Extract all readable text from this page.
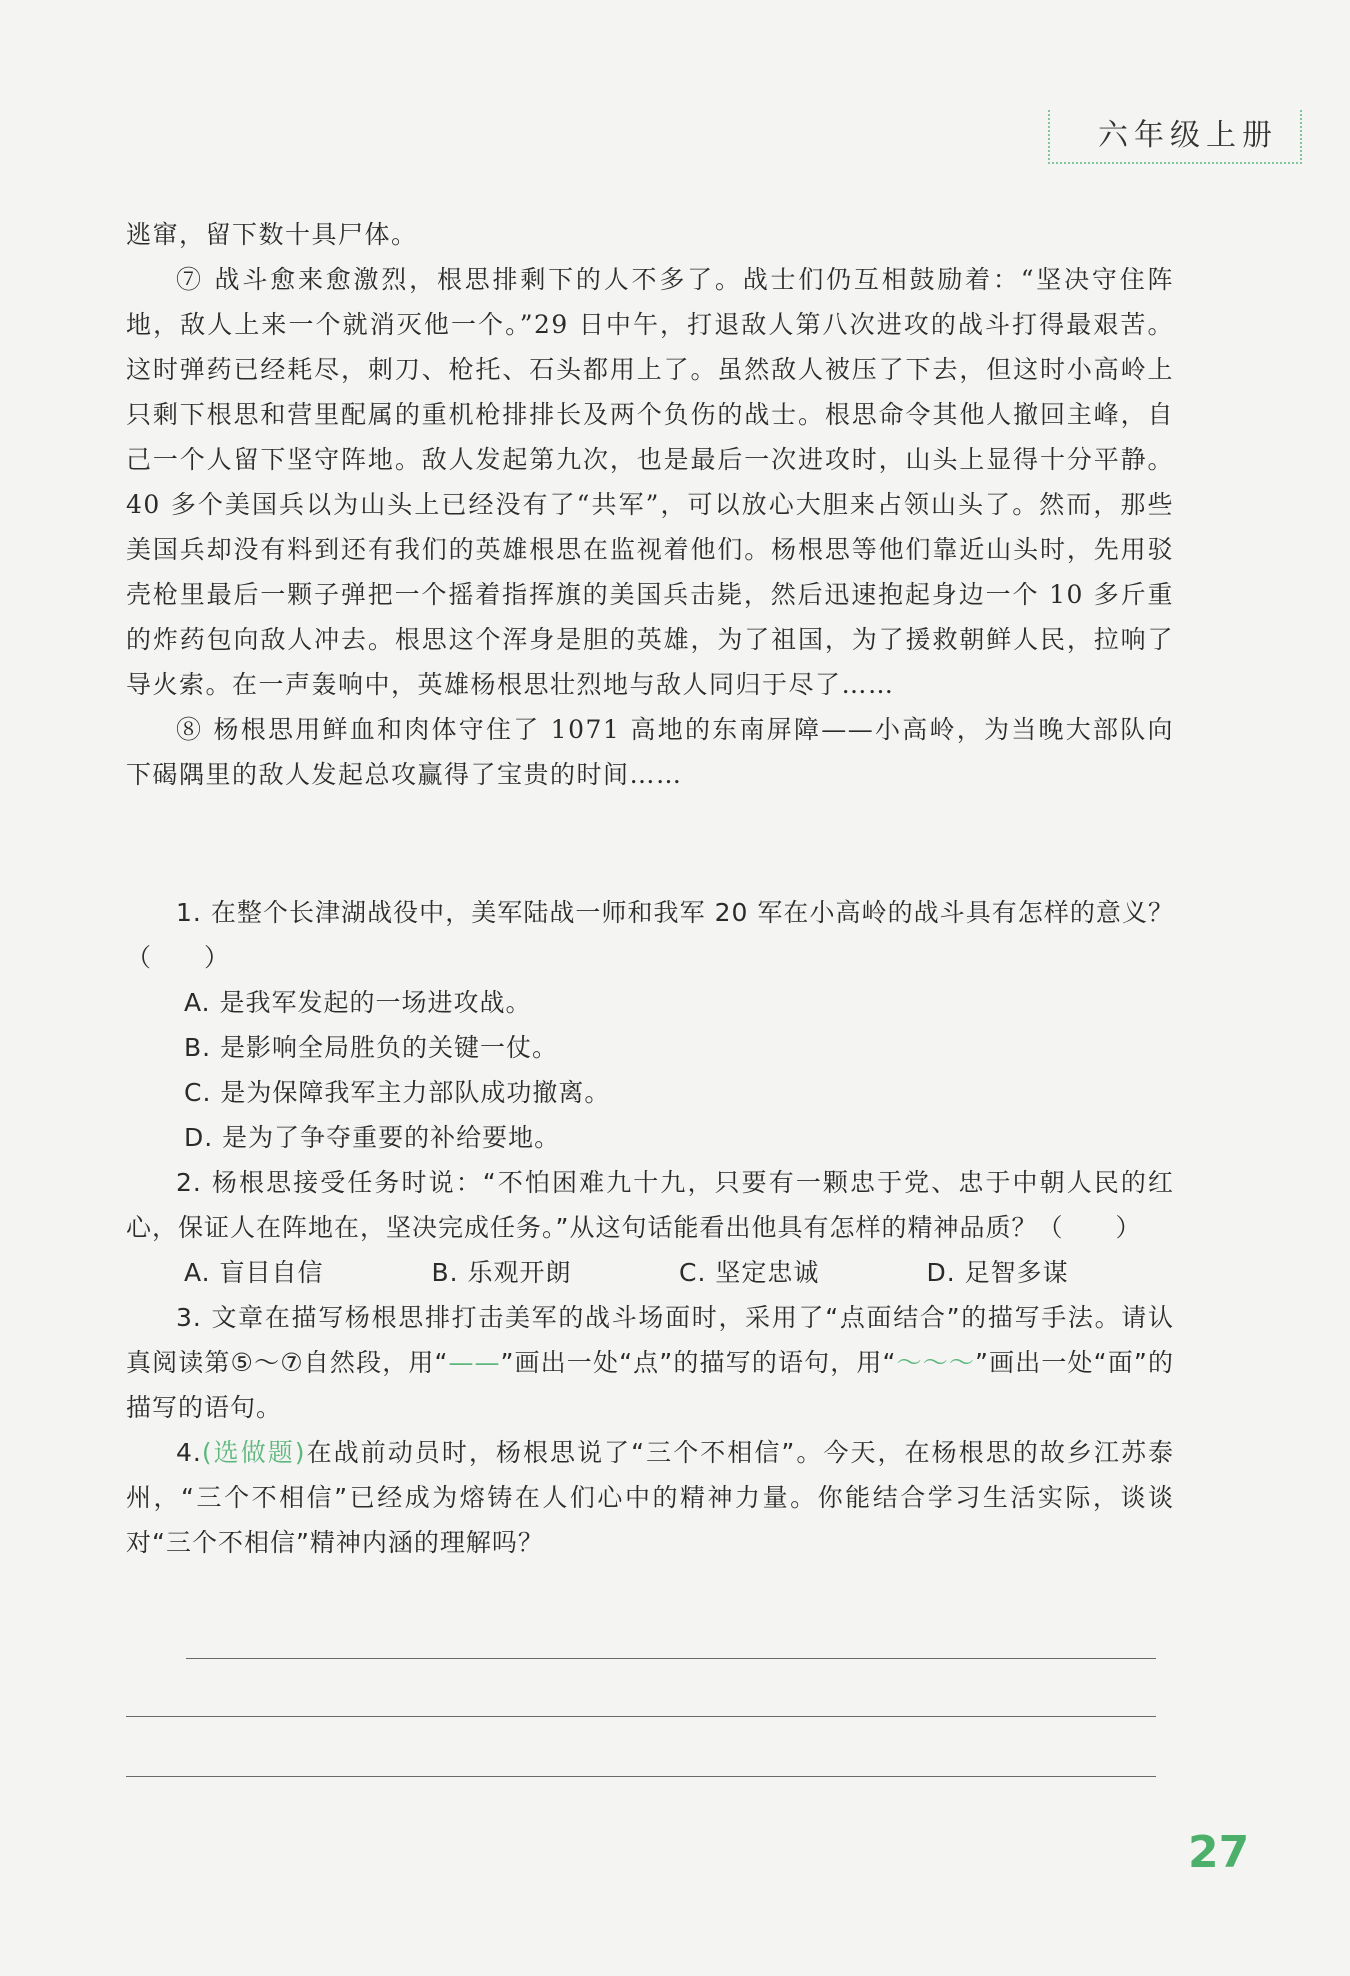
六年级上册

逃窜，留下数十具尸体。

⑦ 战斗愈来愈激烈，根思排剩下的人不多了。战士们仍互相鼓励着：“坚决守住阵地，敌人上来一个就消灭他一个。”29 日中午，打退敌人第八次进攻的战斗打得最艰苦。这时弹药已经耗尽，刺刀、枪托、石头都用上了。虽然敌人被压了下去，但这时小高岭上只剩下根思和营里配属的重机枪排排长及两个负伤的战士。根思命令其他人撤回主峰，自己一个人留下坚守阵地。敌人发起第九次，也是最后一次进攻时，山头上显得十分平静。40 多个美国兵以为山头上已经没有了“共军”，可以放心大胆来占领山头了。然而，那些美国兵却没有料到还有我们的英雄根思在监视着他们。杨根思等他们靠近山头时，先用驳壳枪里最后一颗子弹把一个摇着指挥旗的美国兵击毙，然后迅速抱起身边一个 10 多斤重的炸药包向敌人冲去。根思这个浑身是胆的英雄，为了祖国，为了援救朝鲜人民，拉响了导火索。在一声轰响中，英雄杨根思壮烈地与敌人同归于尽了……

⑧ 杨根思用鲜血和肉体守住了 1071 高地的东南屏障——小高岭，为当晚大部队向下碣隅里的敌人发起总攻赢得了宝贵的时间……

1. 在整个长津湖战役中，美军陆战一师和我军 20 军在小高岭的战斗具有怎样的意义？（　　）

A. 是我军发起的一场进攻战。

B. 是影响全局胜负的关键一仗。

C. 是为保障我军主力部队成功撤离。

D. 是为了争夺重要的补给要地。

2. 杨根思接受任务时说：“不怕困难九十九，只要有一颗忠于党、忠于中朝人民的红心，保证人在阵地在，坚决完成任务。”从这句话能看出他具有怎样的精神品质？（　　）

A. 盲目自信	B. 乐观开朗	C. 坚定忠诚	D. 足智多谋

3. 文章在描写杨根思排打击美军的战斗场面时，采用了“点面结合”的描写手法。请认真阅读第⑤～⑦自然段，用“——”画出一处“点”的描写的语句，用“～～～”画出一处“面”的描写的语句。

4.(选做题)在战前动员时，杨根思说了“三个不相信”。今天，在杨根思的故乡江苏泰州，“三个不相信”已经成为熔铸在人们心中的精神力量。你能结合学习生活实际，谈谈对“三个不相信”精神内涵的理解吗？

27
